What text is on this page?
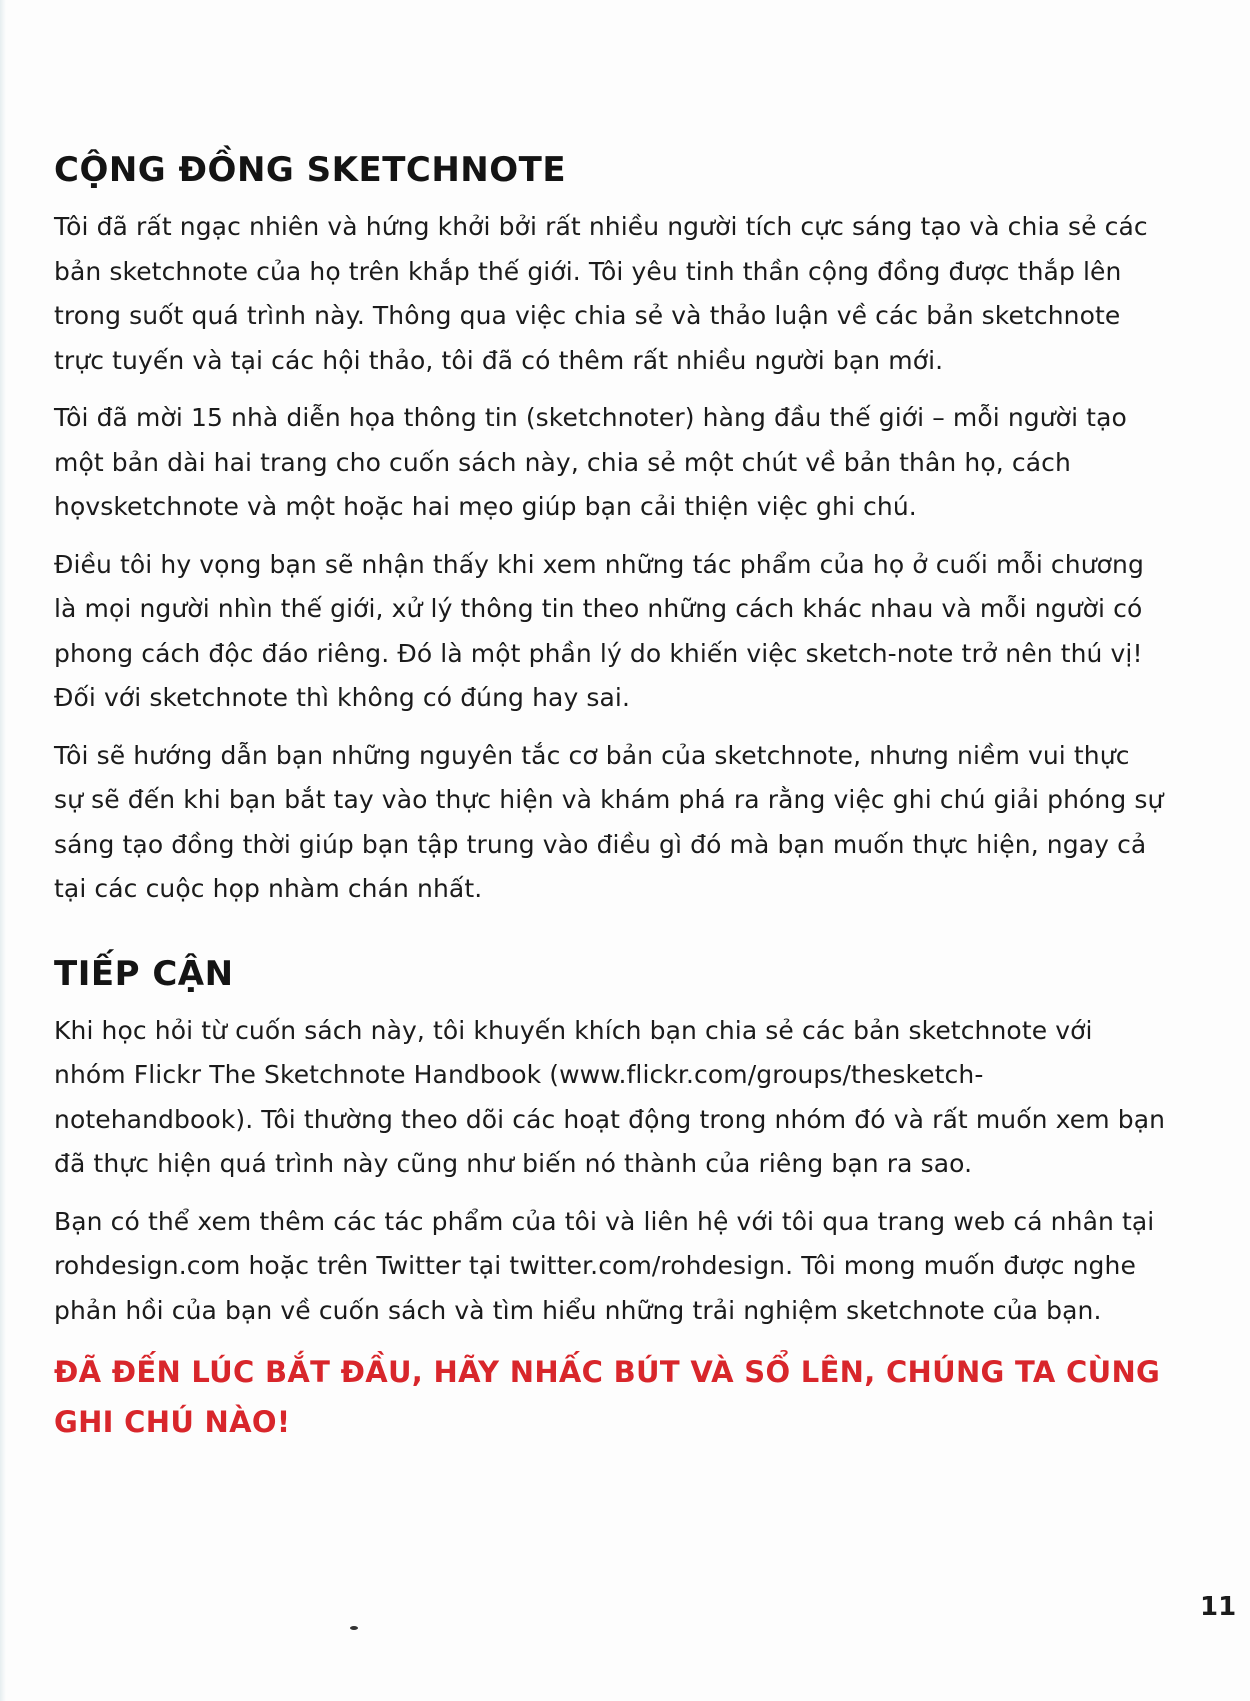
CỘNG ĐỒNG SKETCHNOTE

Tôi đã rất ngạc nhiên và hứng khởi bởi rất nhiều người tích cực sáng tạo và chia sẻ các bản sketchnote của họ trên khắp thế giới. Tôi yêu tinh thần cộng đồng được thắp lên trong suốt quá trình này. Thông qua việc chia sẻ và thảo luận về các bản sketchnote trực tuyến và tại các hội thảo, tôi đã có thêm rất nhiều người bạn mới.

Tôi đã mời 15 nhà diễn họa thông tin (sketchnoter) hàng đầu thế giới – mỗi người tạo một bản dài hai trang cho cuốn sách này, chia sẻ một chút về bản thân họ, cách họvsketchnote và một hoặc hai mẹo giúp bạn cải thiện việc ghi chú.

Điều tôi hy vọng bạn sẽ nhận thấy khi xem những tác phẩm của họ ở cuối mỗi chương là mọi người nhìn thế giới, xử lý thông tin theo những cách khác nhau và mỗi người có phong cách độc đáo riêng. Đó là một phần lý do khiến việc sketch-note trở nên thú vị! Đối với sketchnote thì không có đúng hay sai.

Tôi sẽ hướng dẫn bạn những nguyên tắc cơ bản của sketchnote, nhưng niềm vui thực sự sẽ đến khi bạn bắt tay vào thực hiện và khám phá ra rằng việc ghi chú giải phóng sự sáng tạo đồng thời giúp bạn tập trung vào điều gì đó mà bạn muốn thực hiện, ngay cả tại các cuộc họp nhàm chán nhất.

TIẾP CẬN

Khi học hỏi từ cuốn sách này, tôi khuyến khích bạn chia sẻ các bản sketchnote với nhóm Flickr The Sketchnote Handbook (www.flickr.com/groups/thesketch-notehandbook). Tôi thường theo dõi các hoạt động trong nhóm đó và rất muốn xem bạn đã thực hiện quá trình này cũng như biến nó thành của riêng bạn ra sao.

Bạn có thể xem thêm các tác phẩm của tôi và liên hệ với tôi qua trang web cá nhân tại rohdesign.com hoặc trên Twitter tại twitter.com/rohdesign. Tôi mong muốn được nghe phản hồi của bạn về cuốn sách và tìm hiểu những trải nghiệm sketchnote của bạn.

ĐÃ ĐẾN LÚC BẮT ĐẦU, HÃY NHẤC BÚT VÀ SỔ LÊN, CHÚNG TA CÙNG GHI CHÚ NÀO!

11
